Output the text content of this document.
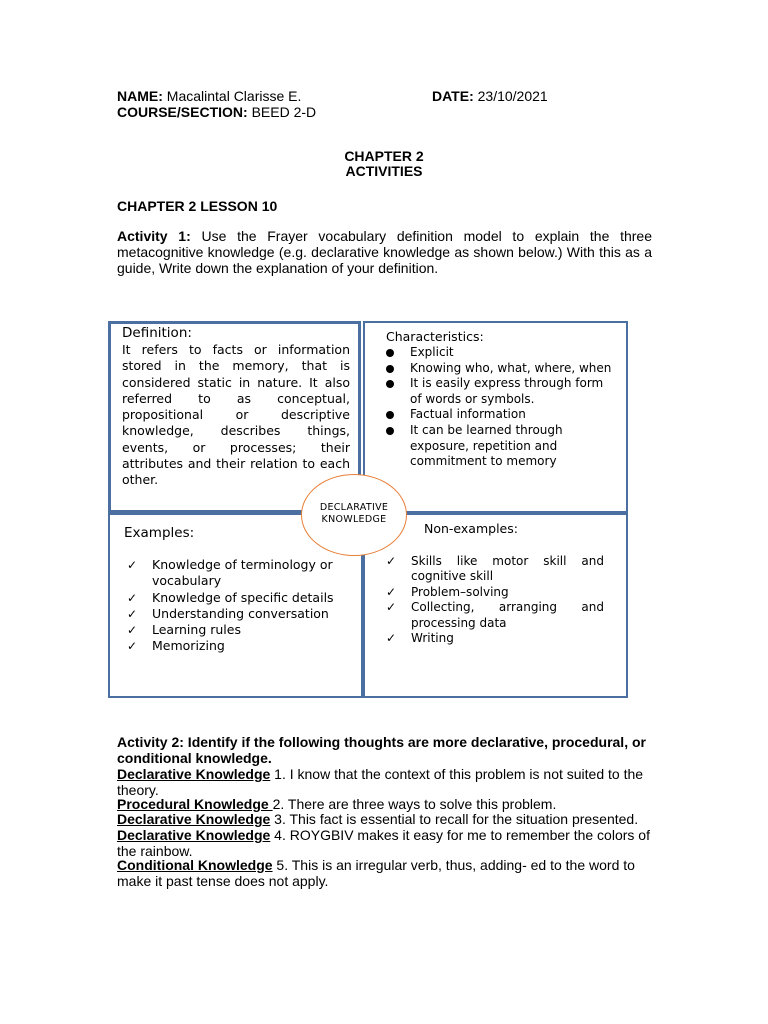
NAME: Macalintal Clarisse E.	DATE: 23/10/2021
COURSE/SECTION: BEED 2-D
CHAPTER 2
ACTIVITIES
CHAPTER 2 LESSON 10
Activity 1: Use the Frayer vocabulary definition model to explain the three metacognitive knowledge (e.g. declarative knowledge as shown below.) With this as a guide, Write down the explanation of your definition.
Definition:
It refers to facts or information stored in the memory, that is considered static in nature. It also referred to as conceptual, propositional or descriptive knowledge, describes things, events, or processes; their attributes and their relation to each other.
Characteristics:
Explicit
Knowing who, what, where, when
It is easily express through form of words or symbols.
Factual information
It can be learned through exposure, repetition and commitment to memory
Examples:
✓ Knowledge of terminology or vocabulary
✓ Knowledge of specific details
✓ Understanding conversation
✓ Learning rules
✓ Memorizing
Non-examples:
✓ Skills like motor skill and cognitive skill
✓ Problem–solving
✓ Collecting, arranging and processing data
✓ Writing
DECLARATIVE
KNOWLEDGE
Activity 2: Identify if the following thoughts are more declarative, procedural, or conditional knowledge.
Declarative Knowledge 1. I know that the context of this problem is not suited to the theory.
Procedural Knowledge 2. There are three ways to solve this problem.
Declarative Knowledge 3. This fact is essential to recall for the situation presented.
Declarative Knowledge 4. ROYGBIV makes it easy for me to remember the colors of the rainbow.
Conditional Knowledge 5. This is an irregular verb, thus, adding- ed to the word to make it past tense does not apply.
